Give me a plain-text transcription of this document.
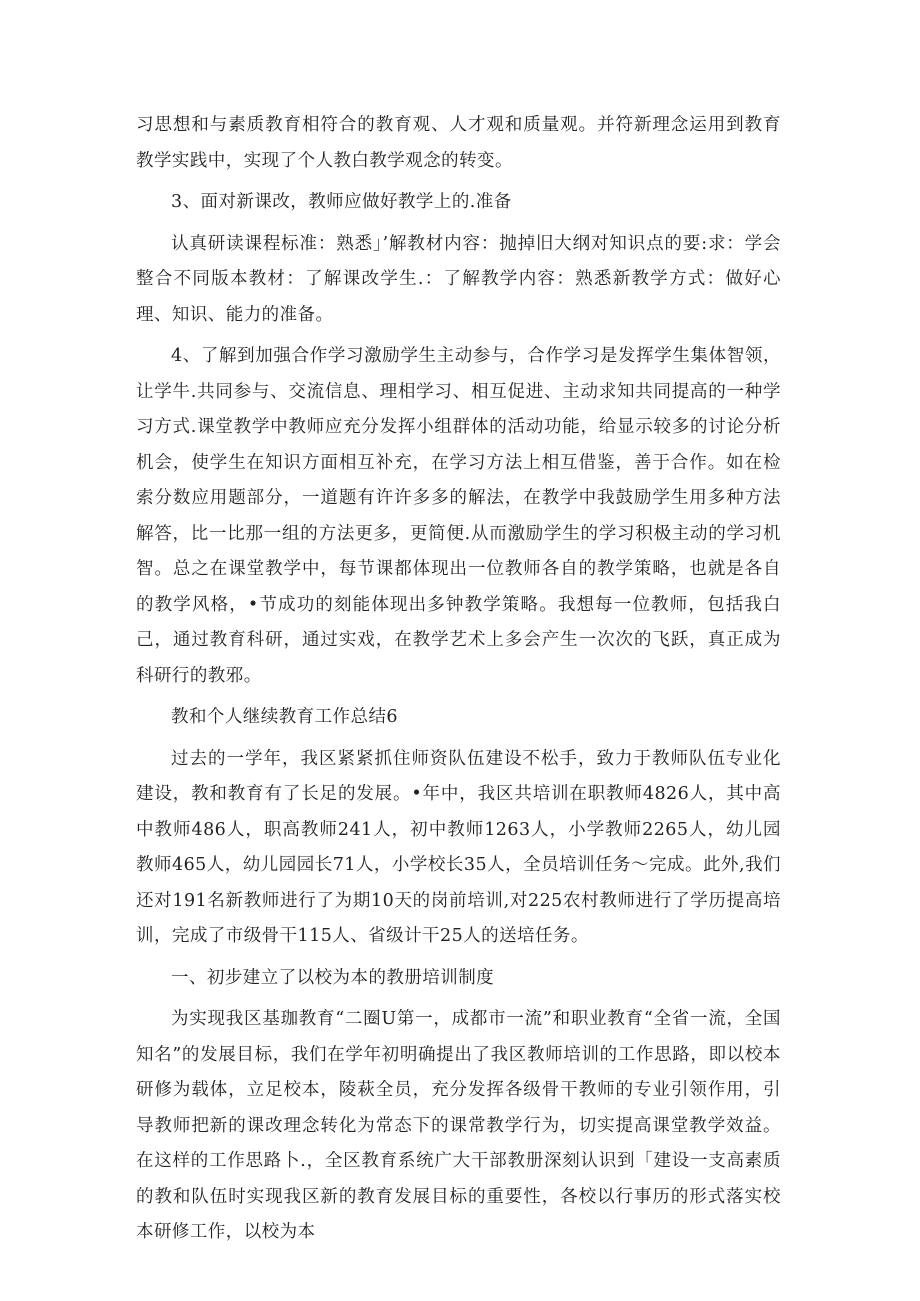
习思想和与素质教育相符合的教育观、人才观和质量观。并符新理念运用到教育教学实践中，实现了个人教白教学观念的转变。

3、面对新课改，教师应做好教学上的.准备

认真研读课程标准：熟悉」’解教材内容：抛掉旧大纲对知识点的要:求：学会整合不同版本教材：了解课改学生.：了解教学内容：熟悉新教学方式：做好心理、知识、能力的准备。

4、了解到加强合作学习激励学生主动参与，合作学习是发挥学生集体智领，让学牛.共同参与、交流信息、理相学习、相互促进、主动求知共同提高的一种学习方式.课堂教学中教师应充分发挥小组群体的活动功能，给显示较多的讨论分析机会，使学生在知识方面相互补充，在学习方法上相互借鉴，善于合作。如在检索分数应用题部分，一道题有许许多多的解法，在教学中我鼓励学生用多种方法解答，比一比那一组的方法更多，更简便.从而激励学生的学习积极主动的学习机智。总之在课堂教学中，每节课都体现出一位教师各自的教学策略，也就是各自的教学风格，•节成功的刻能体现出多钟教学策略。我想每一位教师，包括我白己，通过教育科研，通过实戏，在教学艺术上多会产生一次次的飞跃，真正成为科研行的教邪。

教和个人继续教育工作总结6

过去的一学年，我区紧紧抓住师资队伍建设不松手，致力于教师队伍专业化建设，教和教育有了长足的发展。•年中，我区共培训在职教师4826人，其中高中教师486人，职高教师241人，初中教师1263人，小学教师2265人，幼儿园教师465人，幼儿园园长71人，小学校长35人，全员培训任务～完成。此外,我们还对191名新教师进行了为期10天的岗前培训,对225农村教师进行了学历提高培训，完成了市级骨干115人、省级计干25人的送培任务。

一、初步建立了以校为本的教册培训制度

为实现我区基珈教育“二圈U第一，成都市一流”和职业教育“全省一流，全国知名”的发展目标，我们在学年初明确提出了我区教师培训的工作思路，即以校本研修为载体，立足校本，陵萩全员，充分发挥各级骨干教师的专业引领作用，引导教师把新的课改理念转化为常态下的课常教学行为，切实提高课堂教学效益。在这样的工作思路卜.，全区教育系统广大干部教册深刻认识到「建设一支高素质的教和队伍时实现我区新的教育发展目标的重要性，各校以行事历的形式落实校本研修工作，以校为本
